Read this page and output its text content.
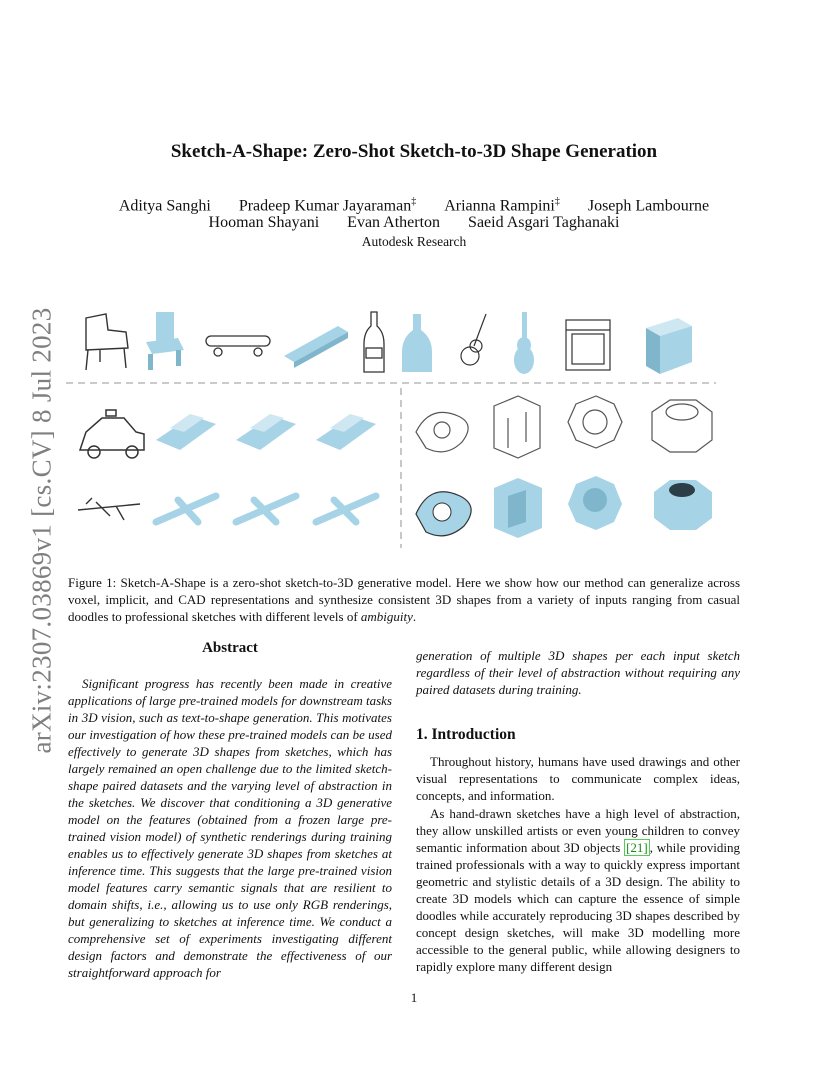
arXiv:2307.03869v1 [cs.CV] 8 Jul 2023
Sketch-A-Shape: Zero-Shot Sketch-to-3D Shape Generation
Aditya Sanghi Pradeep Kumar Jayaraman‡ Arianna Rampini‡ Joseph Lambourne
Hooman Shayani Evan Atherton Saeid Asgari Taghanaki
Autodesk Research
Figure 1: Sketch-A-Shape is a zero-shot sketch-to-3D generative model. Here we show how our method can generalize across voxel, implicit, and CAD representations and synthesize consistent 3D shapes from a variety of inputs ranging from casual doodles to professional sketches with different levels of ambiguity.
Abstract
Significant progress has recently been made in creative applications of large pre-trained models for downstream tasks in 3D vision, such as text-to-shape generation. This motivates our investigation of how these pre-trained models can be used effectively to generate 3D shapes from sketches, which has largely remained an open challenge due to the limited sketch-shape paired datasets and the varying level of abstraction in the sketches. We discover that conditioning a 3D generative model on the features (obtained from a frozen large pre-trained vision model) of synthetic renderings during training enables us to effectively generate 3D shapes from sketches at inference time. This suggests that the large pre-trained vision model features carry semantic signals that are resilient to domain shifts, i.e., allowing us to use only RGB renderings, but generalizing to sketches at inference time. We conduct a comprehensive set of experiments investigating different design factors and demonstrate the effectiveness of our straightforward approach for
generation of multiple 3D shapes per each input sketch regardless of their level of abstraction without requiring any paired datasets during training.
1. Introduction
Throughout history, humans have used drawings and other visual representations to communicate complex ideas, concepts, and information.
As hand-drawn sketches have a high level of abstraction, they allow unskilled artists or even young children to convey semantic information about 3D objects [21] , while providing trained professionals with a way to quickly express important geometric and stylistic details of a 3D design. The ability to create 3D models which can capture the essence of simple doodles while accurately reproducing 3D shapes described by concept design sketches, will make 3D modelling more accessible to the general public, while allowing designers to rapidly explore many different design
1
